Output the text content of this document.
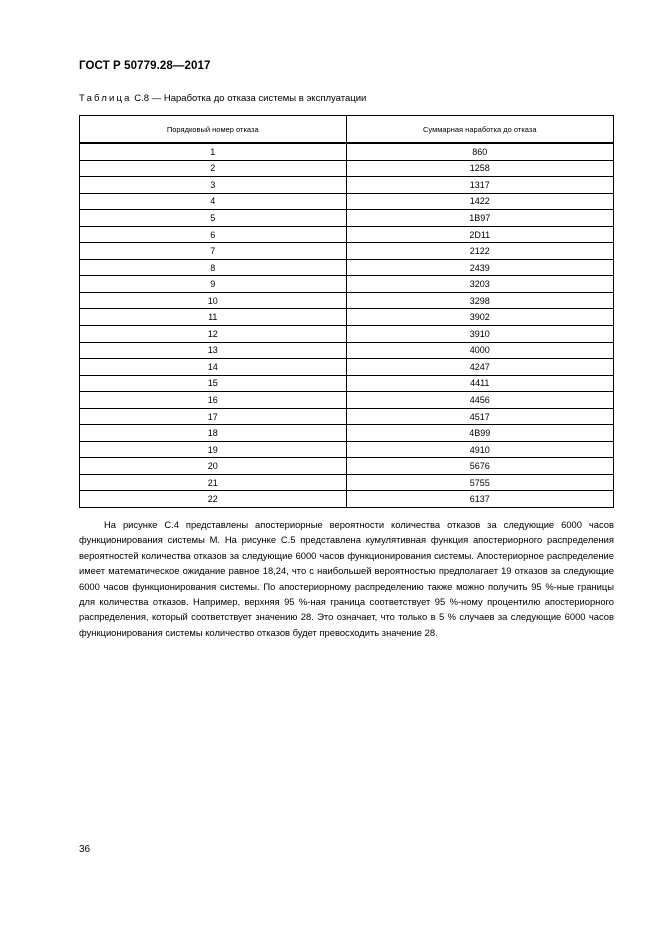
ГОСТ Р 50779.28—2017
Таблица С.8 — Наработка до отказа системы в эксплуатации
Порядковый номер отказа	Суммарная наработка до отказа
1	860
2	1258
3	1317
4	1422
5	1B97
6	2D11
7	2122
8	2439
9	3203
10	3298
11	3902
12	3910
13	4000
14	4247
15	4411
16	4456
17	4517
18	4B99
19	4910
20	5676
21	5755
22	6137
На рисунке С.4 представлены апостериорные вероятности количества отказов за следующие 6000 часов функционирования системы М. На рисунке С.5 представлена кумулятивная функция апостериорного распределения вероятностей количества отказов за следующие 6000 часов функционирования системы. Апостериорное распределение имеет математическое ожидание равное 18,24, что с наибольшей вероятностью предполагает 19 отказов за следующие 6000 часов функционирования системы. По апостериорному распределению также можно получить 95 %-ные границы для количества отказов. Например, верхняя 95 %-ная граница соответствует 95 %-ному процентилю апостериорного распределения, который соответствует значению 28. Это означает, что только в 5 % случаев за следующие 6000 часов функционирования системы количество отказов будет превосходить значение 28.
36
